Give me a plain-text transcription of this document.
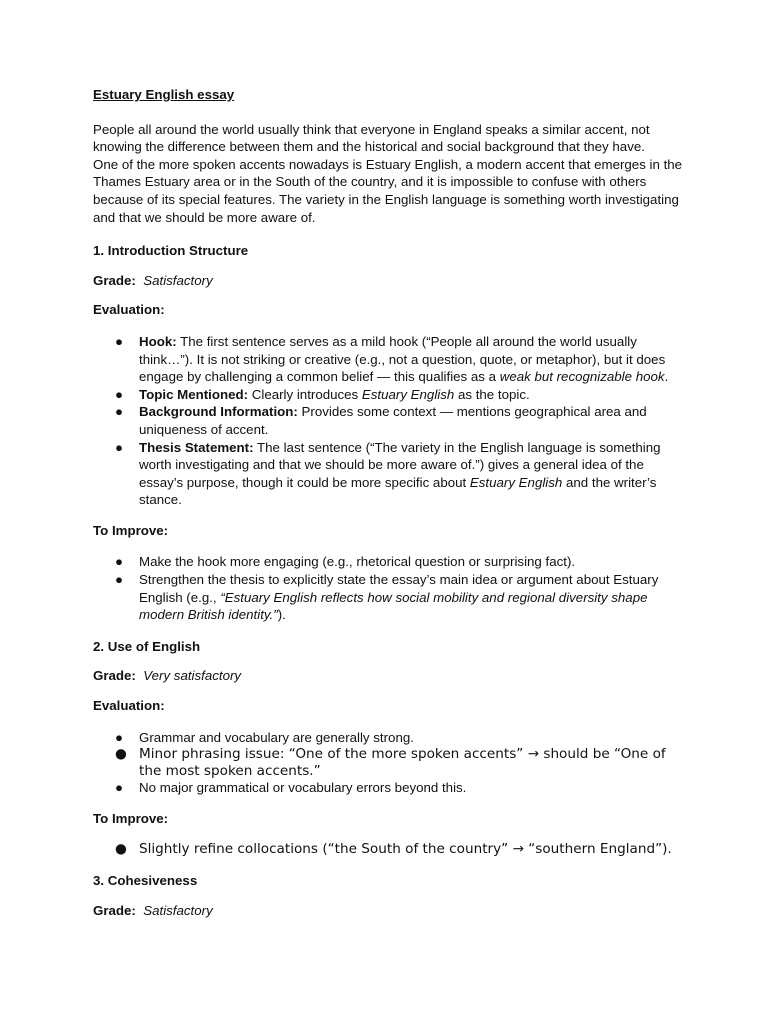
Estuary English essay

People all around the world usually think that everyone in England speaks a similar accent, not knowing the difference between them and the historical and social background that they have.

One of the more spoken accents nowadays is Estuary English, a modern accent that emerges in the Thames Estuary area or in the South of the country, and it is impossible to confuse with others because of its special features. The variety in the English language is something worth investigating and that we should be more aware of.

1. Introduction Structure

Grade: Satisfactory

Evaluation:

● Hook: The first sentence serves as a mild hook (“People all around the world usually think…”). It is not striking or creative (e.g., not a question, quote, or metaphor), but it does engage by challenging a common belief — this qualifies as a weak but recognizable hook.
● Topic Mentioned: Clearly introduces Estuary English as the topic.
● Background Information: Provides some context — mentions geographical area and uniqueness of accent.
● Thesis Statement: The last sentence (“The variety in the English language is something worth investigating and that we should be more aware of.”) gives a general idea of the essay’s purpose, though it could be more specific about Estuary English and the writer’s stance.

To Improve:

● Make the hook more engaging (e.g., rhetorical question or surprising fact).
● Strengthen the thesis to explicitly state the essay’s main idea or argument about Estuary English (e.g., “Estuary English reflects how social mobility and regional diversity shape modern British identity.”).

2. Use of English

Grade: Very satisfactory

Evaluation:

● Grammar and vocabulary are generally strong.
● Minor phrasing issue: “One of the more spoken accents” → should be “One of the most spoken accents.”
● No major grammatical or vocabulary errors beyond this.

To Improve:

● Slightly refine collocations (“the South of the country” → “southern England”).

3. Cohesiveness

Grade: Satisfactory
